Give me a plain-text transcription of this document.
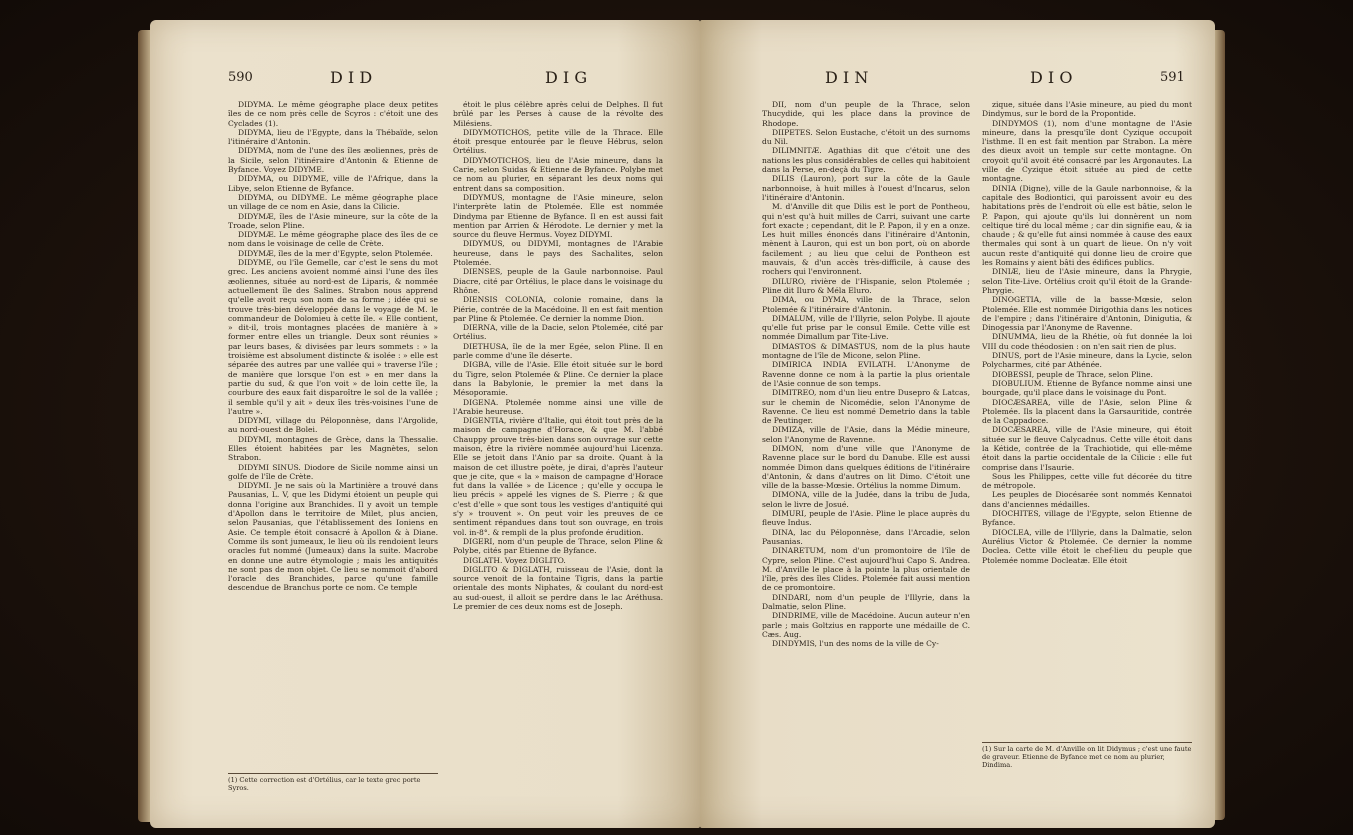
590	D I D	D I G

DIDYMA. Le même géographe place deux petites îles de ce nom près celle de Scyros : c'étoit une des Cyclades (1).

DIDYMA, lieu de l'Egypte, dans la Thébaïde, selon l'itinéraire d'Antonin.

DIDYMA, nom de l'une des îles æoliennes, près de la Sicile, selon l'itinéraire d'Antonin & Etienne de Byfance. Voyez DIDYME.

DIDYMA, ou DIDYME, ville de l'Afrique, dans la Libye, selon Etienne de Byfance.

DIDYMA, ou DIDYME. Le même géographe place un village de ce nom en Asie, dans la Cilicie.

DIDYMÆ, îles de l'Asie mineure, sur la côte de la Troade, selon Pline.

DIDYMÆ. Le même géographe place des îles de ce nom dans le voisinage de celle de Crète.

DIDYMÆ, îles de la mer d'Egypte, selon Ptolemée.

DIDYME, ou l'île Gemelle, car c'est le sens du mot grec. Les anciens avoient nommé ainsi l'une des îles æoliennes, située au nord-est de Liparis, & nommée actuellement île des Salines. Strabon nous apprend qu'elle avoit reçu son nom de sa forme ; idée qui se trouve très-bien développée dans le voyage de M. le commandeur de Dolomieu à cette île. « Elle contient, » dit-il, trois montagnes placées de manière à » former entre elles un triangle. Deux sont réunies » par leurs bases, & divisées par leurs sommets : » la troisième est absolument distincte & isolée : » elle est séparée des autres par une vallée qui » traverse l'île ; de manière que lorsque l'on est » en mer dans la partie du sud, & que l'on voit » de loin cette île, la courbure des eaux fait disparoître le sol de la vallée ; il semble qu'il y ait » deux îles très-voisines l'une de l'autre ».

DIDYMI, village du Péloponnèse, dans l'Argolide, au nord-ouest de Bolei.

DIDYMI, montagnes de Grèce, dans la Thessalie. Elles étoient habitées par les Magnètes, selon Strabon.

DIDYMI SINUS. Diodore de Sicile nomme ainsi un golfe de l'île de Crète.

DIDYMI. Je ne sais où la Martinière a trouvé dans Pausanias, L. V, que les Didymi étoient un peuple qui donna l'origine aux Branchides. Il y avoit un temple d'Apollon dans le territoire de Milet, plus ancien, selon Pausanias, que l'établissement des Ioniens en Asie. Ce temple étoit consacré à Apollon & à Diane. Comme ils sont jumeaux, le lieu où ils rendoient leurs oracles fut nommé (Jumeaux) dans la suite. Macrobe en donne une autre étymologie ; mais les antiquités ne sont pas de mon objet. Ce lieu se nommoit d'abord l'oracle des Branchides, parce qu'une famille descendue de Branchus porte ce nom. Ce temple

étoit le plus célèbre après celui de Delphes. Il fut brûlé par les Perses à cause de la révolte des Milésiens.

DIDYMOTICHOS, petite ville de la Thrace. Elle étoit presque entourée par le fleuve Hébrus, selon Ortélius.

DIDYMOTICHOS, lieu de l'Asie mineure, dans la Carie, selon Suidas & Etienne de Byfance. Polybe met ce nom au plurier, en séparant les deux noms qui entrent dans sa composition.

DIDYMUS, montagne de l'Asie mineure, selon l'interprète latin de Ptolemée. Elle est nommée Dindyma par Etienne de Byfance. Il en est aussi fait mention par Arrien & Hérodote. Le dernier y met la source du fleuve Hermus. Voyez DIDYMI.

DIDYMUS, ou DIDYMI, montagnes de l'Arabie heureuse, dans le pays des Sachalites, selon Ptolemée.

DIENSES, peuple de la Gaule narbonnoise. Paul Diacre, cité par Ortélius, le place dans le voisinage du Rhône.

DIENSIS COLONIA, colonie romaine, dans la Piérie, contrée de la Macédoine. Il en est fait mention par Pline & Ptolemée. Ce dernier la nomme Dion.

DIERNA, ville de la Dacie, selon Ptolemée, cité par Ortélius.

DIETHUSA, île de la mer Egée, selon Pline. Il en parle comme d'une île déserte.

DIGBA, ville de l'Asie. Elle étoit située sur le bord du Tigre, selon Ptolemée & Pline. Ce dernier la place dans la Babylonie, le premier la met dans la Mésoporamie.

DIGENA. Ptolemée nomme ainsi une ville de l'Arabie heureuse.

DIGENTIA, rivière d'Italie, qui étoit tout près de la maison de campagne d'Horace, & que M. l'abbé Chauppy prouve très-bien dans son ouvrage sur cette maison, être la rivière nommée aujourd'hui Licenza. Elle se jetoit dans l'Anio par sa droite. Quant à la maison de cet illustre poète, je dirai, d'après l'auteur que je cite, que « la » maison de campagne d'Horace fut dans la vallée » de Licence ; qu'elle y occupa le lieu précis » appelé les vignes de S. Pierre ; & que c'est d'elle » que sont tous les vestiges d'antiquité qui s'y » trouvent ». On peut voir les preuves de ce sentiment répandues dans tout son ouvrage, en trois vol. in-8°. & rempli de la plus profonde érudition.

DIGERI, nom d'un peuple de Thrace, selon Pline & Polybe, cités par Etienne de Byfance.

DIGLATH. Voyez DIGLITO.

DIGLITO & DIGLATH, ruisseau de l'Asie, dont la source venoit de la fontaine Tigris, dans la partie orientale des monts Niphates, & coulant du nord-est au sud-ouest, il alloit se perdre dans le lac Aréthusa. Le premier de ces deux noms est de Joseph.

(1) Cette correction est d'Ortélius, car le texte grec porte Syros.
591
D I N	D I O

DII, nom d'un peuple de la Thrace, selon Thucydide, qui les place dans la province de Rhodope.

DIIPETES. Selon Eustache, c'étoit un des surnoms du Nil.

DILIMNITÆ. Agathias dit que c'étoit une des nations les plus considérables de celles qui habitoient dans la Perse, en-deçà du Tigre.

DILIS (Lauron), port sur la côte de la Gaule narbonnoise, à huit milles à l'ouest d'Incarus, selon l'itinéraire d'Antonin.

M. d'Anville dit que Dilis est le port de Pontheou, qui n'est qu'à huit milles de Carri, suivant une carte fort exacte ; cependant, dit le P. Papon, il y en a onze. Les huit milles énoncés dans l'itinéraire d'Antonin, mènent à Lauron, qui est un bon port, où on aborde facilement ; au lieu que celui de Pontheon est mauvais, & d'un accès très-difficile, à cause des rochers qui l'environnent.

DILURO, rivière de l'Hispanie, selon Ptolemée ; Pline dit Iluro & Méla Eluro.

DIMA, ou DYMA, ville de la Thrace, selon Ptolemée & l'itinéraire d'Antonin.

DIMALUM, ville de l'Illyrie, selon Polybe. Il ajoute qu'elle fut prise par le consul Emile. Cette ville est nommée Dimallum par Tite-Live.

DIMASTOS & DIMASTUS, nom de la plus haute montagne de l'île de Micone, selon Pline.

DIMIRICA INDIA EVILATH. L'Anonyme de Ravenne donne ce nom à la partie la plus orientale de l'Asie connue de son temps.

DIMITREO, nom d'un lieu entre Dusepro & Latcas, sur le chemin de Nicomédie, selon l'Anonyme de Ravenne. Ce lieu est nommé Demetrio dans la table de Peutinger.

DIMIZA, ville de l'Asie, dans la Médie mineure, selon l'Anonyme de Ravenne.

DIMON, nom d'une ville que l'Anonyme de Ravenne place sur le bord du Danube. Elle est aussi nommée Dimon dans quelques éditions de l'itinéraire d'Antonin, & dans d'autres on lit Dimo. C'étoit une ville de la basse-Mœsie. Ortélius la nomme Dimum.

DIMONA, ville de la Judée, dans la tribu de Juda, selon le livre de Josué.

DIMURI, peuple de l'Asie. Pline le place auprès du fleuve Indus.

DINA, lac du Péloponnèse, dans l'Arcadie, selon Pausanias.

DINARETUM, nom d'un promontoire de l'île de Cypre, selon Pline. C'est aujourd'hui Capo S. Andrea. M. d'Anville le place à la pointe la plus orientale de l'île, près des îles Clides. Ptolemée fait aussi mention de ce promontoire.

DINDARI, nom d'un peuple de l'Illyrie, dans la Dalmatie, selon Pline.

DINDRIME, ville de Macédoine. Aucun auteur n'en parle ; mais Goltzius en rapporte une médaille de C. Cæs. Aug.

DINDYMIS, l'un des noms de la ville de Cy-

zique, située dans l'Asie mineure, au pied du mont Dindymus, sur le bord de la Propontide.

DINDYMOS (1), nom d'une montagne de l'Asie mineure, dans la presqu'île dont Cyzique occupoit l'isthme. Il en est fait mention par Strabon. La mère des dieux avoit un temple sur cette montagne. On croyoit qu'il avoit été consacré par les Argonautes. La ville de Cyzique étoit située au pied de cette montagne.

DINIA (Digne), ville de la Gaule narbonnoise, & la capitale des Bodiontici, qui paroissent avoir eu des habitations près de l'endroit où elle est bâtie, selon le P. Papon, qui ajoute qu'ils lui donnèrent un nom celtique tiré du local même ; car din signifie eau, & ia chaude ; & qu'elle fut ainsi nommée à cause des eaux thermales qui sont à un quart de lieue. On n'y voit aucun reste d'antiquité qui donne lieu de croire que les Romains y aient bâti des édifices publics.

DINIÆ, lieu de l'Asie mineure, dans la Phrygie, selon Tite-Live. Ortélius croit qu'il étoit de la Grande-Phrygie.

DINOGETIA, ville de la basse-Mœsie, selon Ptolemée. Elle est nommée Dirigothia dans les notices de l'empire ; dans l'itinéraire d'Antonin, Dinigutia, & Dinogessia par l'Anonyme de Ravenne.

DINUMMA, lieu de la Rhétie, où fut donnée la loi VIII du code théodosien : on n'en sait rien de plus.

DINUS, port de l'Asie mineure, dans la Lycie, selon Polycharmes, cité par Athénée.

DIOBESSI, peuple de Thrace, selon Pline.

DIOBULIUM. Etienne de Byfance nomme ainsi une bourgade, qu'il place dans le voisinage du Pont.

DIOCÆSAREA, ville de l'Asie, selon Pline & Ptolemée. Ils la placent dans la Garsauritide, contrée de la Cappadoce.

DIOCÆSAREA, ville de l'Asie mineure, qui étoit située sur le fleuve Calycadnus. Cette ville étoit dans la Kétide, contrée de la Trachiotide, qui elle-même étoit dans la partie occidentale de la Cilicie : elle fut comprise dans l'Isaurie.

Sous les Philippes, cette ville fut décorée du titre de métropole.

Les peuples de Diocésarée sont nommés Kennatoi dans d'anciennes médailles.

DIOCHITES, village de l'Egypte, selon Etienne de Byfance.

DIOCLEA, ville de l'Illyrie, dans la Dalmatie, selon Aurélius Victor & Ptolemée. Ce dernier la nomme Doclea. Cette ville étoit le chef-lieu du peuple que Ptolemée nomme Docleatæ. Elle étoit

(1) Sur la carte de M. d'Anville on lit Didymus ; c'est une faute de graveur. Etienne de Byfance met ce nom au plurier, Dindima.
